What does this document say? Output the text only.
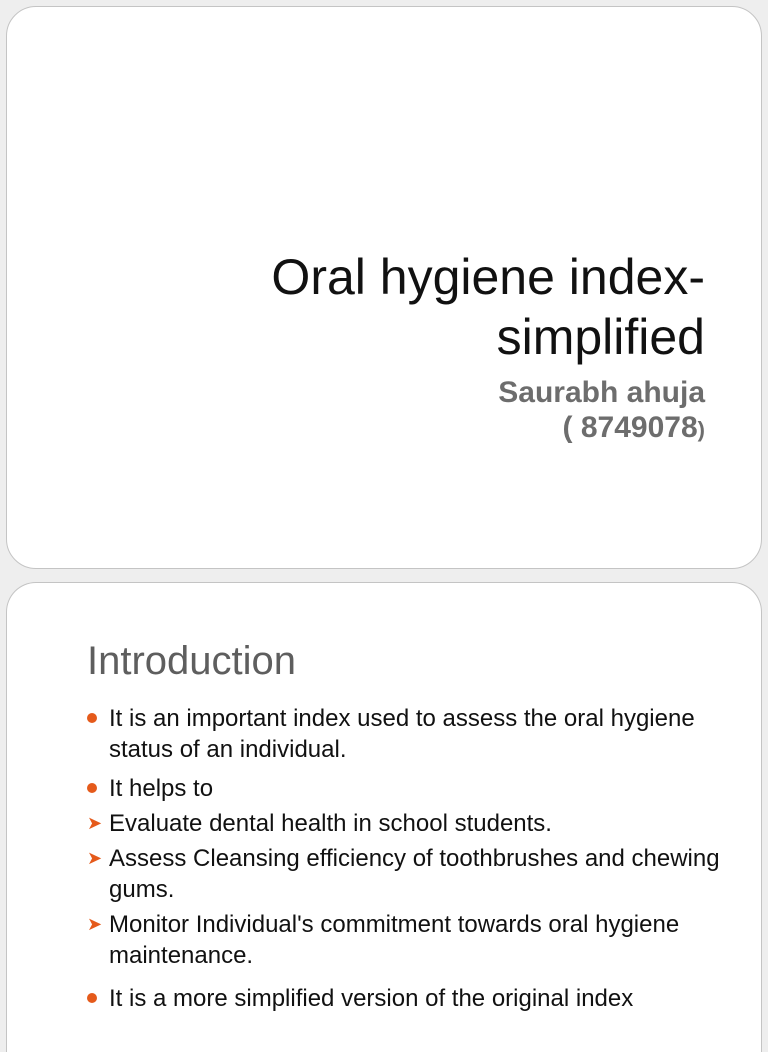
Oral hygiene index-
simplified
Saurabh ahuja
( 8749078)
Introduction
It is an important index used to assess the oral hygiene status of an individual.
It helps to
➤ Evaluate dental health in school students.
➤ Assess Cleansing efficiency of toothbrushes and chewing gums.
➤ Monitor Individual's commitment towards oral hygiene maintenance.
It is a more simplified version of the original index
